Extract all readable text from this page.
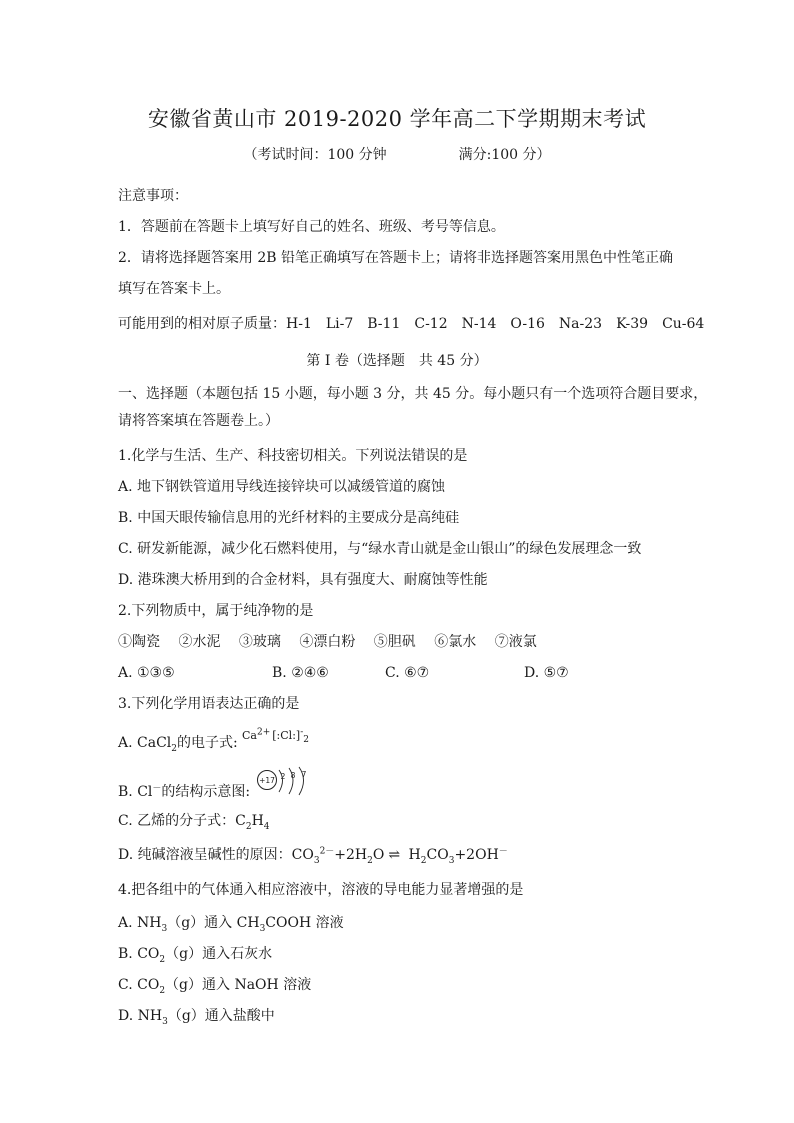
安徽省黄山市 2019-2020 学年高二下学期期末考试
（考试时间：100 分钟	满分:100 分）
注意事项：
1．答题前在答题卡上填写好自己的姓名、班级、考号等信息。
2．请将选择题答案用 2B 铅笔正确填写在答题卡上；请将非选择题答案用黑色中性笔正确
填写在答案卡上。
可能用到的相对原子质量：H-1　Li-7　B-11　C-12　N-14　O-16　Na-23　K-39　Cu-64
第 I 卷（选择题　共 45 分）
一、选择题（本题包括 15 小题，每小题 3 分，共 45 分。每小题只有一个选项符合题目要求，
请将答案填在答题卷上。）
1.化学与生活、生产、科技密切相关。下列说法错误的是
A. 地下钢铁管道用导线连接锌块可以减缓管道的腐蚀
B. 中国天眼传输信息用的光纤材料的主要成分是高纯硅
C. 研发新能源，减少化石燃料使用，与“绿水青山就是金山银山”的绿色发展理念一致
D. 港珠澳大桥用到的合金材料，具有强度大、耐腐蚀等性能
2.下列物质中，属于纯净物的是
①陶瓷　 ②水泥　 ③玻璃　 ④漂白粉　 ⑤胆矾　 ⑥氯水　 ⑦液氯
A. ①③⑤	B. ②④⑥	C. ⑥⑦	D. ⑤⑦
3.下列化学用语表达正确的是
A. CaCl$_2$的电子式: $Ca^{2+}$ $[:Cl:]^-_2$
B. Cl－的结构示意图:
+17 2 8 7
C. 乙烯的分子式：$C_2H_4$
D. 纯碱溶液呈碱性的原因：$CO_3^{2-}+2H_2O$ ⇌ $H_2CO_3+2OH^-$
4.把各组中的气体通入相应溶液中，溶液的导电能力显著增强的是
A. $NH_3(g)$通入 $CH_3COOH$ 溶液
B. $CO_2(g)$通入石灰水
C. $CO_2(g)$通入 NaOH 溶液
D. $NH_3(g)$通入盐酸中
